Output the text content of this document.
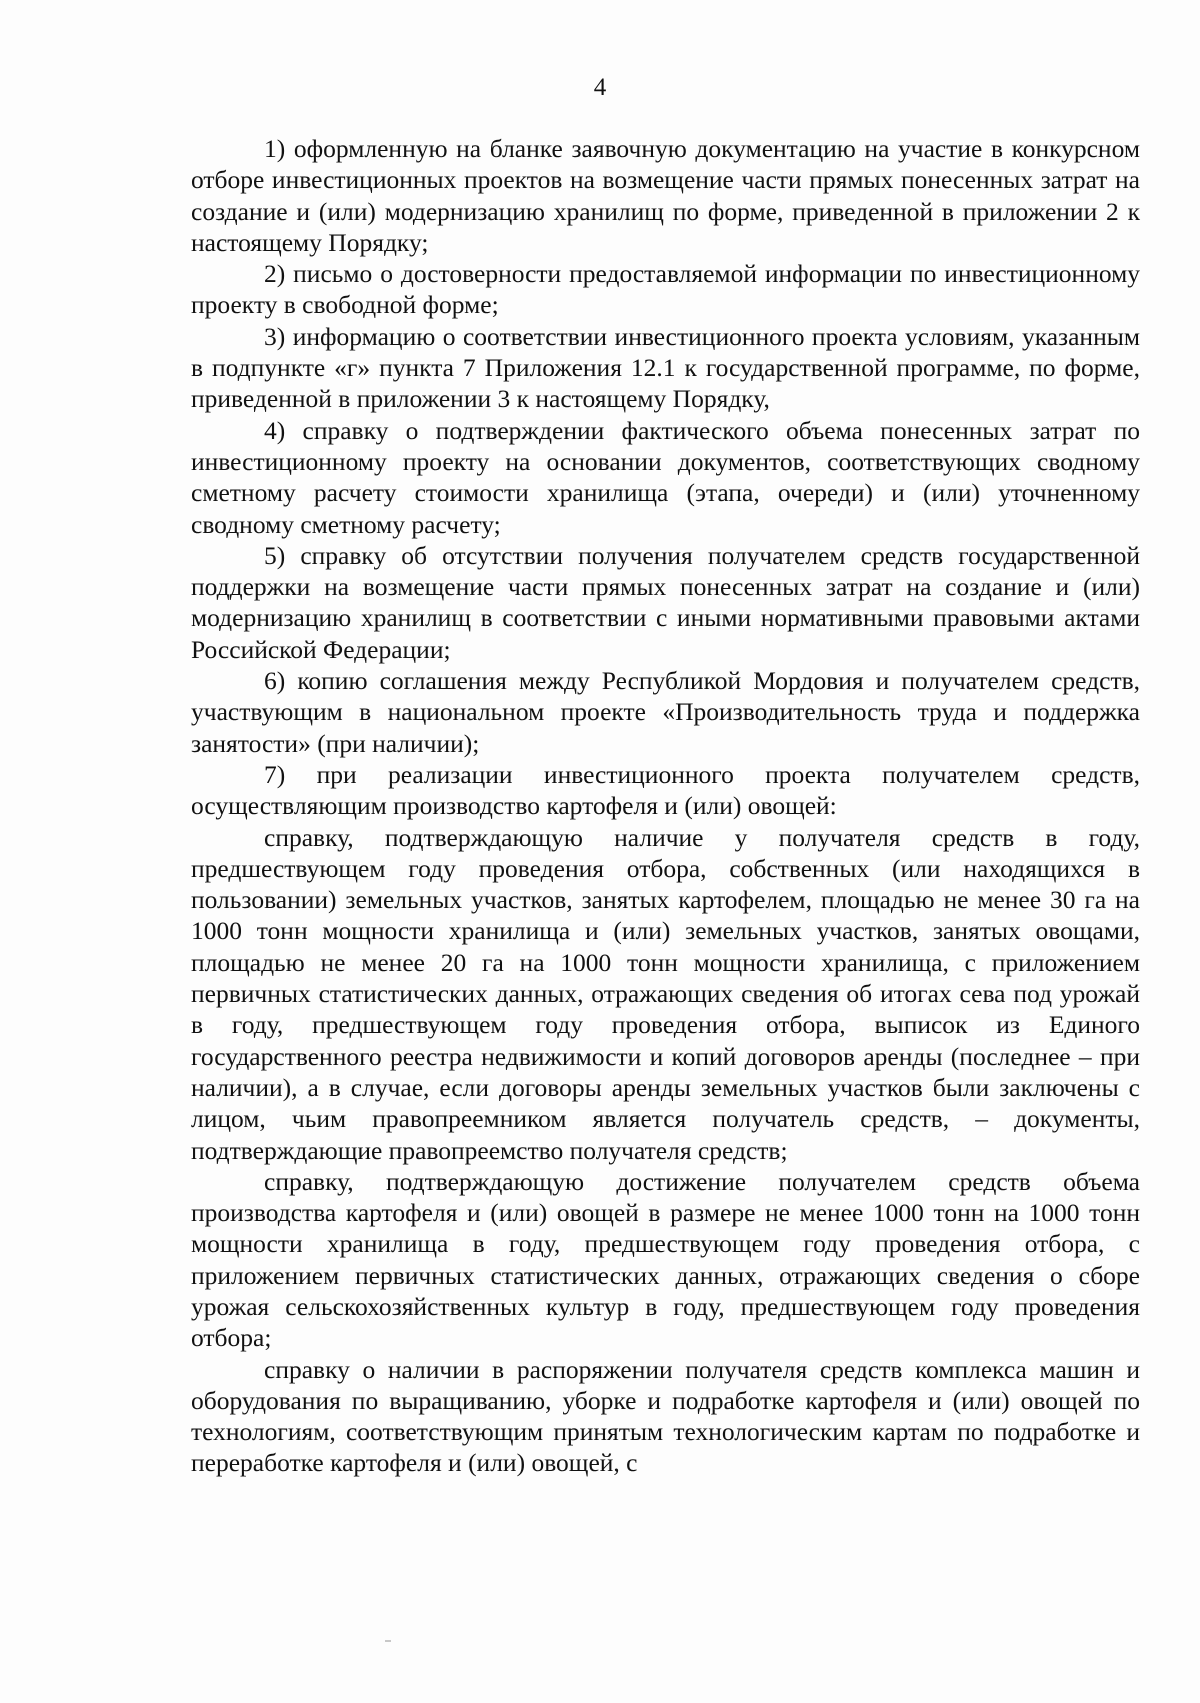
4

1) оформленную на бланке заявочную документацию на участие в конкурсном отборе инвестиционных проектов на возмещение части прямых понесенных затрат на создание и (или) модернизацию хранилищ по форме, приведенной в приложении 2 к настоящему Порядку;

2) письмо о достоверности предоставляемой информации по инвестиционному проекту в свободной форме;

3) информацию о соответствии инвестиционного проекта условиям, указанным в подпункте «г» пункта 7 Приложения 12.1 к государственной программе, по форме, приведенной в приложении 3 к настоящему Порядку,

4) справку о подтверждении фактического объема понесенных затрат по инвестиционному проекту на основании документов, соответствующих сводному сметному расчету стоимости хранилища (этапа, очереди) и (или) уточненному сводному сметному расчету;

5) справку об отсутствии получения получателем средств государственной поддержки на возмещение части прямых понесенных затрат на создание и (или) модернизацию хранилищ в соответствии с иными нормативными правовыми актами Российской Федерации;

6) копию соглашения между Республикой Мордовия и получателем средств, участвующим в национальном проекте «Производительность труда и поддержка занятости» (при наличии);

7) при реализации инвестиционного проекта получателем средств, осуществляющим производство картофеля и (или) овощей:

справку, подтверждающую наличие у получателя средств в году, предшествующем году проведения отбора, собственных (или находящихся в пользовании) земельных участков, занятых картофелем, площадью не менее 30 га на 1000 тонн мощности хранилища и (или) земельных участков, занятых овощами, площадью не менее 20 га на 1000 тонн мощности хранилища, с приложением первичных статистических данных, отражающих сведения об итогах сева под урожай в году, предшествующем году проведения отбора, выписок из Единого государственного реестра недвижимости и копий договоров аренды (последнее – при наличии), а в случае, если договоры аренды земельных участков были заключены с лицом, чьим правопреемником является получатель средств, – документы, подтверждающие правопреемство получателя средств;

справку, подтверждающую достижение получателем средств объема производства картофеля и (или) овощей в размере не менее 1000 тонн на 1000 тонн мощности хранилища в году, предшествующем году проведения отбора, с приложением первичных статистических данных, отражающих сведения о сборе урожая сельскохозяйственных культур в году, предшествующем году проведения отбора;

справку о наличии в распоряжении получателя средств комплекса машин и оборудования по выращиванию, уборке и подработке картофеля и (или) овощей по технологиям, соответствующим принятым технологическим картам по подработке и переработке картофеля и (или) овощей, с
